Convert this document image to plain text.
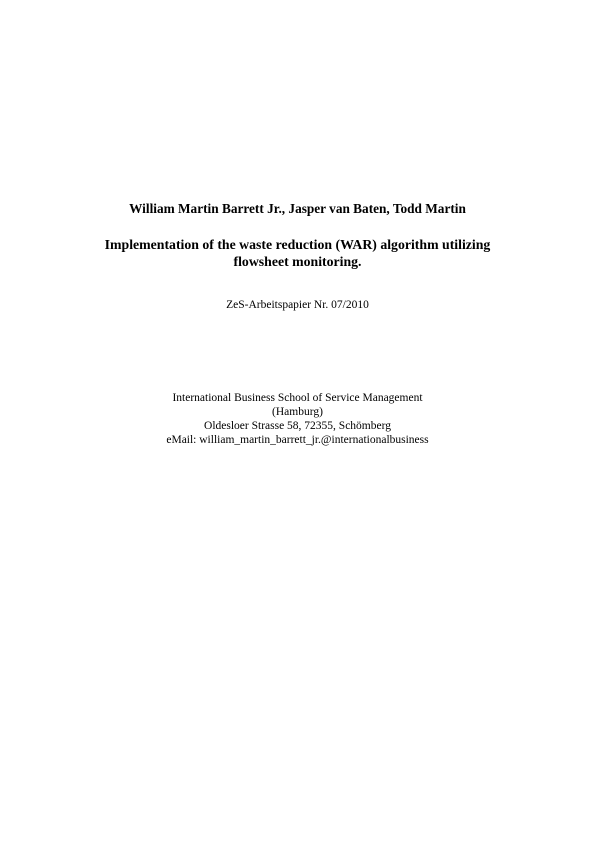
William Martin Barrett Jr., Jasper van Baten, Todd Martin
Implementation of the waste reduction (WAR) algorithm utilizing
flowsheet monitoring.
ZeS-Arbeitspapier Nr. 07/2010
International Business School of Service Management
(Hamburg)
Oldesloer Strasse 58, 72355, Schömberg
eMail: william_martin_barrett_jr.@internationalbusiness
